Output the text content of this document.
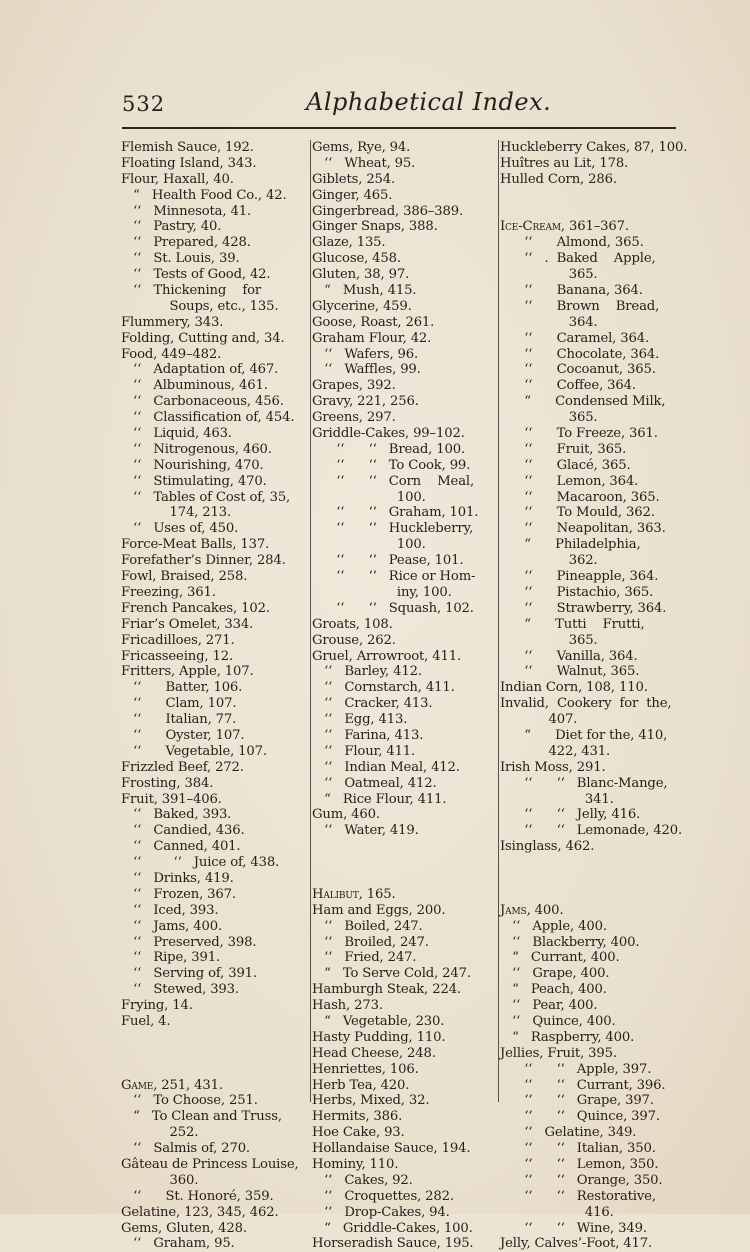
532	Alphabetical Index.
Flemish Sauce, 192.
Floating Island, 343.
Flour, Haxall, 40.
“   Health Food Co., 42.
‘‘   Minnesota, 41.
‘‘   Pastry, 40.
‘‘   Prepared, 428.
‘‘   St. Louis, 39.
‘‘   Tests of Good, 42.
‘‘   Thickening    for
Soups, etc., 135.
Flummery, 343.
Folding, Cutting and, 34.
Food, 449–482.
‘‘   Adaptation of, 467.
‘‘   Albuminous, 461.
‘‘   Carbonaceous, 456.
‘‘   Classification of, 454.
‘‘   Liquid, 463.
‘‘   Nitrogenous, 460.
‘‘   Nourishing, 470.
‘‘   Stimulating, 470.
‘‘   Tables of Cost of, 35,
174, 213.
‘‘   Uses of, 450.
Force-Meat Balls, 137.
Forefather’s Dinner, 284.
Fowl, Braised, 258.
Freezing, 361.
French Pancakes, 102.
Friar’s Omelet, 334.
Fricadilloes, 271.
Fricasseeing, 12.
Fritters, Apple, 107.
‘‘      Batter, 106.
‘‘      Clam, 107.
‘‘      Italian, 77.
‘‘      Oyster, 107.
‘‘      Vegetable, 107.
Frizzled Beef, 272.
Frosting, 384.
Fruit, 391–406.
‘‘   Baked, 393.
‘‘   Candied, 436.
‘‘   Canned, 401.
‘‘        ‘‘   Juice of, 438.
‘‘   Drinks, 419.
‘‘   Frozen, 367.
‘‘   Iced, 393.
‘‘   Jams, 400.
‘‘   Preserved, 398.
‘‘   Ripe, 391.
‘‘   Serving of, 391.
‘‘   Stewed, 393.
Frying, 14.
Fuel, 4.
Game, 251, 431.
‘‘   To Choose, 251.
“   To Clean and Truss,
252.
‘‘   Salmis of, 270.
Gâteau de Princess Louise,
360.
‘‘      St. Honoré, 359.
Gelatine, 123, 345, 462.
Gems, Gluten, 428.
‘‘   Graham, 95.
Gems, Rye, 94.
‘‘   Wheat, 95.
Giblets, 254.
Ginger, 465.
Gingerbread, 386–389.
Ginger Snaps, 388.
Glaze, 135.
Glucose, 458.
Gluten, 38, 97.
“   Mush, 415.
Glycerine, 459.
Goose, Roast, 261.
Graham Flour, 42.
‘‘   Wafers, 96.
‘‘   Waffles, 99.
Grapes, 392.
Gravy, 221, 256.
Greens, 297.
Griddle-Cakes, 99–102.
‘‘      ‘‘   Bread, 100.
‘‘      ‘‘   To Cook, 99.
‘‘      ‘‘   Corn    Meal,
100.
‘‘      ‘‘   Graham, 101.
‘‘      ‘‘   Huckleberry,
100.
‘‘      ‘‘   Pease, 101.
‘‘      ‘‘   Rice or Hom-
iny, 100.
‘‘      ‘‘   Squash, 102.
Groats, 108.
Grouse, 262.
Gruel, Arrowroot, 411.
‘‘   Barley, 412.
‘‘   Cornstarch, 411.
‘‘   Cracker, 413.
‘‘   Egg, 413.
‘‘   Farina, 413.
‘‘   Flour, 411.
‘‘   Indian Meal, 412.
‘‘   Oatmeal, 412.
“   Rice Flour, 411.
Gum, 460.
‘‘   Water, 419.
Halibut, 165.
Ham and Eggs, 200.
‘‘   Boiled, 247.
‘‘   Broiled, 247.
‘‘   Fried, 247.
“   To Serve Cold, 247.
Hamburgh Steak, 224.
Hash, 273.
“   Vegetable, 230.
Hasty Pudding, 110.
Head Cheese, 248.
Henriettes, 106.
Herb Tea, 420.
Herbs, Mixed, 32.
Hermits, 386.
Hoe Cake, 93.
Hollandaise Sauce, 194.
Hominy, 110.
‘‘   Cakes, 92.
‘‘   Croquettes, 282.
‘‘   Drop-Cakes, 94.
“   Griddle-Cakes, 100.
Horseradish Sauce, 195.
Huckleberry Cakes, 87, 100.
Huîtres au Lit, 178.
Hulled Corn, 286.
Ice-Cream, 361–367.
‘‘      Almond, 365.
‘‘   .  Baked    Apple,
365.
‘‘      Banana, 364.
‘‘      Brown    Bread,
364.
‘‘      Caramel, 364.
‘‘      Chocolate, 364.
‘‘      Cocoanut, 365.
‘‘      Coffee, 364.
“      Condensed Milk,
365.
‘‘      To Freeze, 361.
‘‘      Fruit, 365.
‘‘      Glacé, 365.
‘‘      Lemon, 364.
‘‘      Macaroon, 365.
‘‘      To Mould, 362.
‘‘      Neapolitan, 363.
“      Philadelphia,
362.
‘‘      Pineapple, 364.
‘‘      Pistachio, 365.
‘‘      Strawberry, 364.
“      Tutti    Frutti,
365.
‘‘      Vanilla, 364.
‘‘      Walnut, 365.
Indian Corn, 108, 110.
Invalid,  Cookery  for  the,
407.
“      Diet for the, 410,
422, 431.
Irish Moss, 291.
‘‘      ‘‘   Blanc-Mange,
341.
‘‘      ‘‘   Jelly, 416.
‘‘      ‘‘   Lemonade, 420.
Isinglass, 462.
Jams, 400.
‘‘   Apple, 400.
‘‘   Blackberry, 400.
“   Currant, 400.
‘‘   Grape, 400.
“   Peach, 400.
‘‘   Pear, 400.
‘‘   Quince, 400.
“   Raspberry, 400.
Jellies, Fruit, 395.
‘‘      ‘‘   Apple, 397.
‘‘      ‘‘   Currant, 396.
‘‘      ‘‘   Grape, 397.
‘‘      ‘‘   Quince, 397.
‘‘   Gelatine, 349.
‘‘      ‘‘   Italian, 350.
‘‘      ‘‘   Lemon, 350.
‘‘      ‘‘   Orange, 350.
‘‘      ‘‘   Restorative,
416.
‘‘      ‘‘   Wine, 349.
Jelly, Calves’-Foot, 417.
